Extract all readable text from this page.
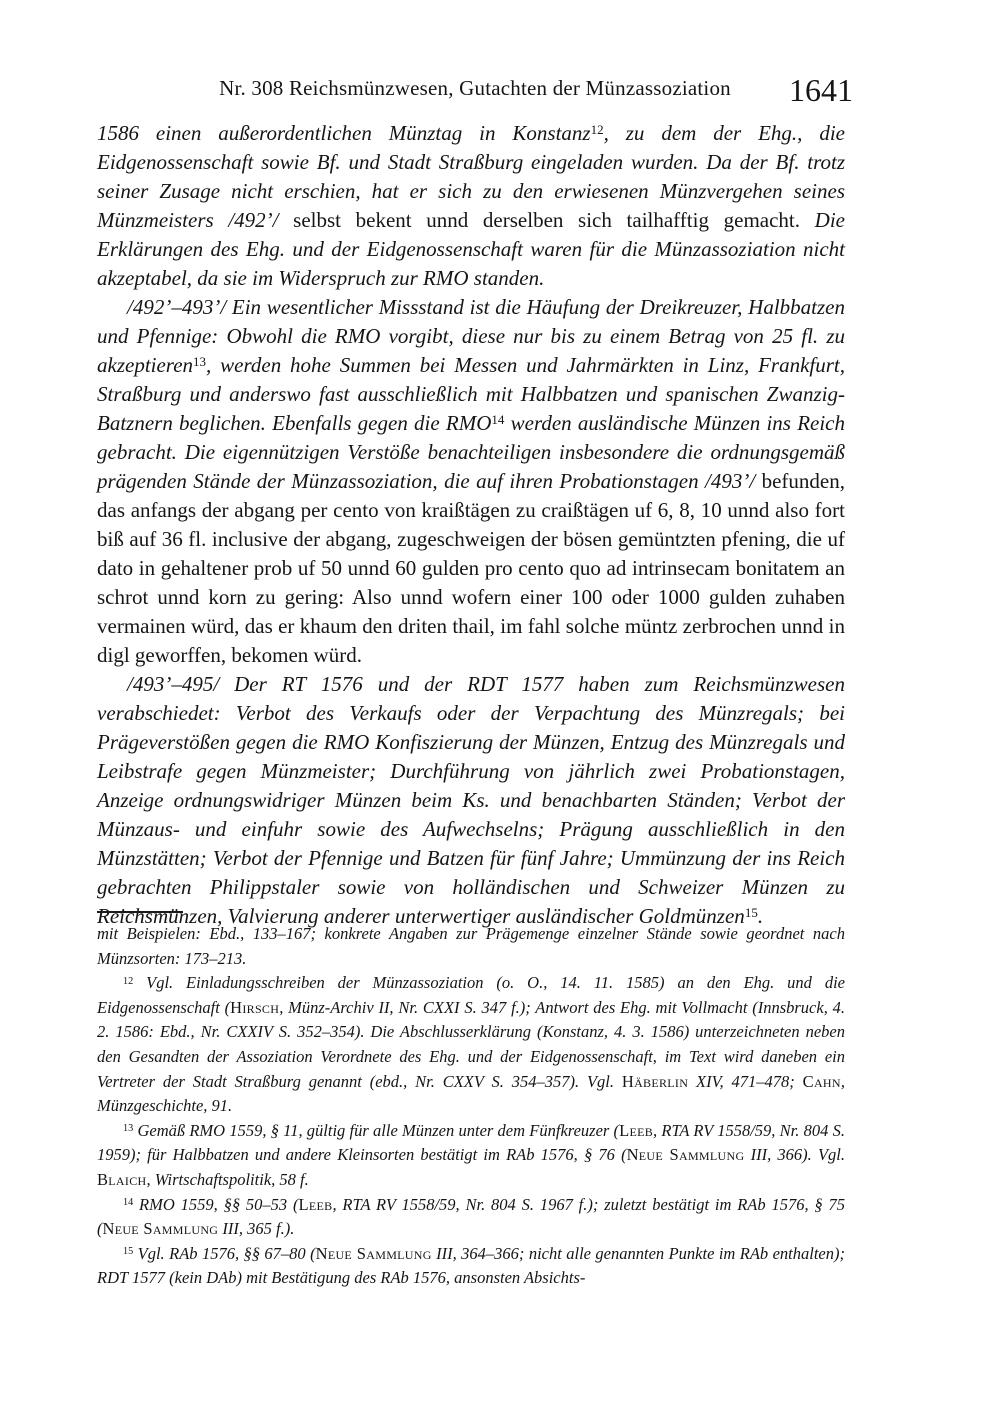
Nr. 308 Reichsmünzwesen, Gutachten der Münzassoziation	1641

1586 einen außerordentlichen Münztag in Konstanz$^{12}$, zu dem der Ehg., die Eidgenossenschaft sowie Bf. und Stadt Straßburg eingeladen wurden. Da der Bf. trotz seiner Zusage nicht erschien, hat er sich zu den erwiesenen Münzvergehen seines Münzmeisters /492’/ selbst bekent unnd derselben sich tailhafftig gemacht. Die Erklärungen des Ehg. und der Eidgenossenschaft waren für die Münzassoziation nicht akzeptabel, da sie im Widerspruch zur RMO standen.

/492’–493’/ Ein wesentlicher Missstand ist die Häufung der Dreikreuzer, Halbbatzen und Pfennige: Obwohl die RMO vorgibt, diese nur bis zu einem Betrag von 25 fl. zu akzeptieren$^{13}$, werden hohe Summen bei Messen und Jahrmärkten in Linz, Frankfurt, Straßburg und anderswo fast ausschließlich mit Halbbatzen und spanischen Zwanzig-Batznern beglichen. Ebenfalls gegen die RMO$^{14}$ werden ausländische Münzen ins Reich gebracht. Die eigennützigen Verstöße benachteiligen insbesondere die ordnungsgemäß prägenden Stände der Münzassoziation, die auf ihren Probationstagen /493’/ befunden, das anfangs der abgang per cento von kraißtägen zu craißtägen uf 6, 8, 10 unnd also fort biß auf 36 fl. inclusive der abgang, zugeschweigen der bösen gemüntzten pfening, die uf dato in gehaltener prob uf 50 unnd 60 gulden pro cento quo ad intrinsecam bonitatem an schrot unnd korn zu gering: Also unnd wofern einer 100 oder 1000 gulden zuhaben vermainen würd, das er khaum den driten thail, im fahl solche müntz zerbrochen unnd in digl geworffen, bekomen würd.

/493’–495/ Der RT 1576 und der RDT 1577 haben zum Reichsmünzwesen verabschiedet: Verbot des Verkaufs oder der Verpachtung des Münzregals; bei Prägeverstößen gegen die RMO Konfiszierung der Münzen, Entzug des Münzregals und Leibstrafe gegen Münzmeister; Durchführung von jährlich zwei Probationstagen, Anzeige ordnungswidriger Münzen beim Ks. und benachbarten Ständen; Verbot der Münzaus- und einfuhr sowie des Aufwechselns; Prägung ausschließlich in den Münzstätten; Verbot der Pfennige und Batzen für fünf Jahre; Ummünzung der ins Reich gebrachten Philippstaler sowie von holländischen und Schweizer Münzen zu Reichsmünzen, Valvierung anderer unterwertiger ausländischer Goldmünzen$^{15}$.

mit Beispielen: Ebd., 133–167; konkrete Angaben zur Prägemenge einzelner Stände sowie geordnet nach Münzsorten: 173–213.

$^{12}$ Vgl. Einladungsschreiben der Münzassoziation (o. O., 14. 11. 1585) an den Ehg. und die Eidgenossenschaft (Hirsch, Münz-Archiv II, Nr. CXXI S. 347 f.); Antwort des Ehg. mit Vollmacht (Innsbruck, 4. 2. 1586: Ebd., Nr. CXXIV S. 352–354). Die Abschlusserklärung (Konstanz, 4. 3. 1586) unterzeichneten neben den Gesandten der Assoziation Verordnete des Ehg. und der Eidgenossenschaft, im Text wird daneben ein Vertreter der Stadt Straßburg genannt (ebd., Nr. CXXV S. 354–357). Vgl. Häberlin XIV, 471–478; Cahn, Münzgeschichte, 91.

$^{13}$ Gemäß RMO 1559, § 11, gültig für alle Münzen unter dem Fünfkreuzer (Leeb, RTA RV 1558/59, Nr. 804 S. 1959); für Halbbatzen und andere Kleinsorten bestätigt im RAb 1576, § 76 (Neue Sammlung III, 366). Vgl. Blaich, Wirtschaftspolitik, 58 f.

$^{14}$ RMO 1559, §§ 50–53 (Leeb, RTA RV 1558/59, Nr. 804 S. 1967 f.); zuletzt bestätigt im RAb 1576, § 75 (Neue Sammlung III, 365 f.).

$^{15}$ Vgl. RAb 1576, §§ 67–80 (Neue Sammlung III, 364–366; nicht alle genannten Punkte im RAb enthalten); RDT 1577 (kein DAb) mit Bestätigung des RAb 1576, ansonsten Absichts-
